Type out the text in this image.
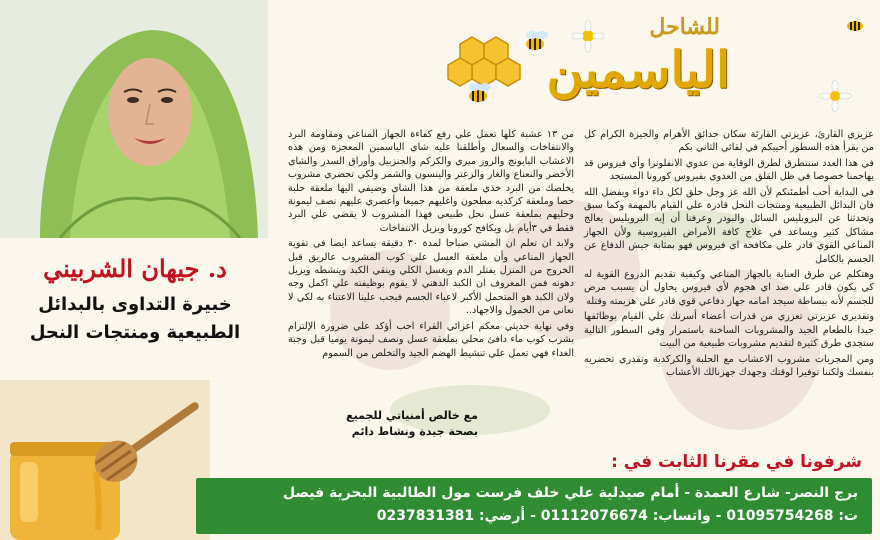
د. جيهان الشربيني
خبيرة التداوى بالبدائل
الطبيعية ومنتجات النحل
للشاحل
الياسمين

عزيزي القارئ، عزيزتي القارئة سكان حدائق الأهرام والجيزة الكرام كل من يقرأ هذه السطور أحييكم في لقائي الثاني بكم

في هذا العدد سنتطرق لطرق الوقاية من عدوي الانفلونزا وأي فيروس قد يهاجمنا خصوصا في ظل القلق من العدوي بفيروس كورونا المستجد

في البداية أحب أطمئنكم لأن الله عز وجل خلق لكل داء دواء ويفضل الله فان البدائل الطبيعية ومنتجات النحل قادرة علي القيام بالمهمة وكما سبق وتحدثنا عن البروبليس السائل والبودر وعرفنا أن إيه البروبليس يعالج مشاكل كثير ويساعد في علاج كافة الأمراض الفيروسية ولأن الجهاز المناعي القوي قادر علي مكافحة اي فيروس فهو بمثابة جيش الدفاع عن الجسم بالكامل

وهتكلم عن طرق العناية بالجهاز المناعي وكيفية تقديم الدروع القوية له كي يكون قادر علي صد اي هجوم لأي فيروس يحاول أن يسبب مرض للجسم لأنه ببساطة سيجد امامه جهاز دفاعي قوي قادر علي هزيمته وقتله

وتقديري عزيزتي تعززي من قدرات أعضاء أسرتك علي القيام بوظائفها جيدا بالطعام الجيد والمشروبات الساخنة باستمرار وفي السطور التالية ستجدي طرق كثيرة لتقديم مشروبات طبيعية من البيت

ومن المجربات مشروب الاعشاب مع الحلبة والكركدية وتقدري تحضريه بنفسك ولكننا توفيرا لوقتك وجهدك جهزنالك الأعشاب

من ١٣ عشبة كلها تعمل علي رفع كفاءة الجهاز المناعي ومقاومة البرد والانتفاخات والسعال وأطلقنا عليه شاي الياسمين المعجزة ومن هذه الاعشاب البابونج والروز ميري والكركم والجنزبيل وأوراق السدر والشاي الأخضر والنعناع والغار والزعتر والينسون والشمر ولكي تحضري مشروب يخلصك من البرد خذي ملعقة من هذا الشاي وضيفي اليها ملعقة حلبة حصا وملعقة كركديه مطحون واغليهم جميعا وأعصري عليهم نصف ليمونة وحليهم بملعقة عسل نحل طبيعي فهذا المشروب لا يقضي علي البرد فقط في ٣أيام بل ويكافح كورونا ويزيل الانتفاخات

ولابد ان تعلم ان المشي صباحا لمدة ٣٠ دقيقة يساعد ايضا في تقوية الجهاز المناعي وأن ملعقة العسل علي كوب المشروب عالريق قبل الخروج من المنزل يفتلر الدم ويغسل الكلي وينقي الكبد وينشطه ويزيل دهونه فمن المعروف ان الكبد الدهني لا يقوم بوظيفته علي اكمل وجه ولان الكبد هو المتحمل الأكبر لاعباء الجسم فيجب علينا الاعتناء به لكي لا نعاني من الخمول والاجهاد..

وفي نهاية حديثي معكم اعزائي القراء احب أؤكد علي ضرورة الإلتزام بشرب كوب ماء دافئ محلي بملعقة عسل ونصف ليمونة يوميا قبل وجبة الغداء فهي تعمل علي تنشيط الهضم الجيد والتخلص من السموم

مع خالص أمنياتي للجميع
بصحة جيدة ونشاط دائم
شرفونا في مقرنا الثابت في :
برج النصر- شارع العمدة - أمام صيدلية علي خلف فرست مول الطالبية البحرية فيصل
ت: 01095754268 - واتساب: 01112076674 - أرضي: 0237831381
